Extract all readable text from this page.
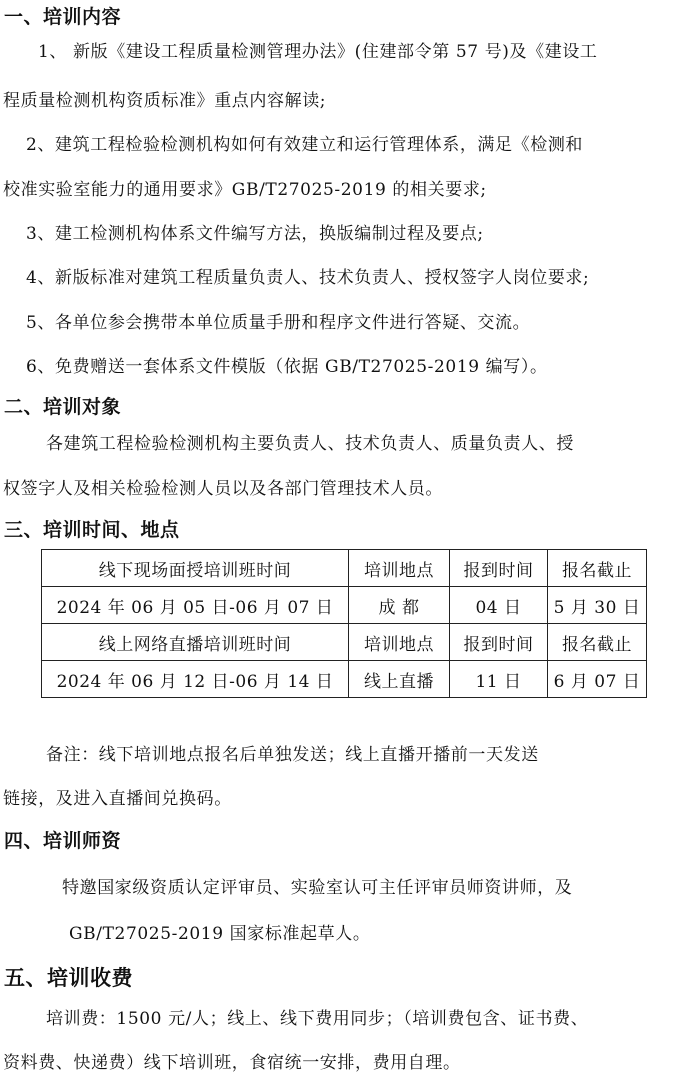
一、培训内容
1、 新版《建设工程质量检测管理办法》(住建部令第 57 号)及《建设工
程质量检测机构资质标准》重点内容解读;
2、建筑工程检验检测机构如何有效建立和运行管理体系，满足《检测和
校准实验室能力的通用要求》GB/T27025-2019 的相关要求;
3、建工检测机构体系文件编写方法，换版编制过程及要点;
4、新版标准对建筑工程质量负责人、技术负责人、授权签字人岗位要求;
5、各单位参会携带本单位质量手册和程序文件进行答疑、交流。
6、免费赠送一套体系文件模版（依据 GB/T27025-2019 编写）。
二、培训对象
各建筑工程检验检测机构主要负责人、技术负责人、质量负责人、授
权签字人及相关检验检测人员以及各部门管理技术人员。
三、培训时间、地点
线下现场面授培训班时间	培训地点	报到时间	报名截止
2024 年 06 月 05 日-06 月 07 日	成 都	04 日	5 月 30 日
线上网络直播培训班时间	培训地点	报到时间	报名截止
2024 年 06 月 12 日-06 月 14 日	线上直播	11 日	6 月 07 日
备注：线下培训地点报名后单独发送；线上直播开播前一天发送
链接，及进入直播间兑换码。
四、培训师资
特邀国家级资质认定评审员、实验室认可主任评审员师资讲师，及
GB/T27025-2019 国家标准起草人。
五、培训收费
培训费：1500 元/人；线上、线下费用同步；（培训费包含、证书费、
资料费、快递费）线下培训班，食宿统一安排，费用自理。
